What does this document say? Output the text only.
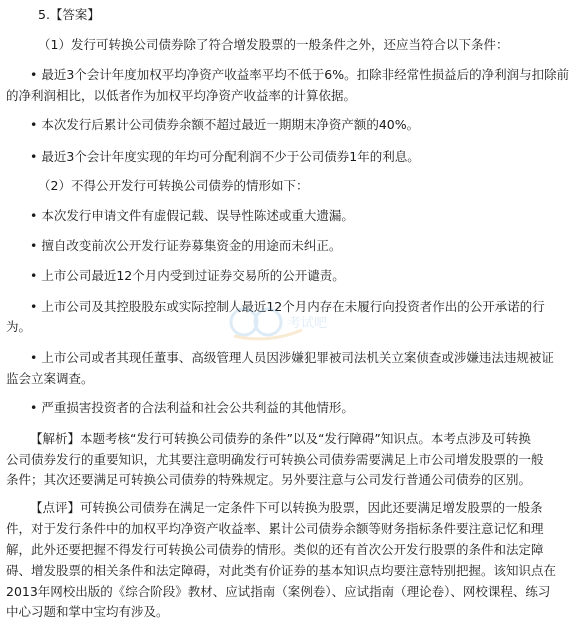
5.【答案】
（1）发行可转换公司债券除了符合增发股票的一般条件之外，还应当符合以下条件：
• 最近3个会计年度加权平均净资产收益率平均不低于6%。扣除非经常性损益后的净利润与扣除前
的净利润相比，以低者作为加权平均净资产收益率的计算依据。
• 本次发行后累计公司债券余额不超过最近一期期末净资产额的40%。
• 最近3个会计年度实现的年均可分配利润不少于公司债券1年的利息。
（2）不得公开发行可转换公司债券的情形如下：
• 本次发行申请文件有虚假记载、误导性陈述或重大遗漏。
• 擅自改变前次公开发行证券募集资金的用途而未纠正。
• 上市公司最近12个月内受到过证券交易所的公开谴责。
• 上市公司及其控股股东或实际控制人最近12个月内存在未履行向投资者作出的公开承诺的行
为。
• 上市公司或者其现任董事、高级管理人员因涉嫌犯罪被司法机关立案侦查或涉嫌违法违规被证
监会立案调查。
• 严重损害投资者的合法利益和社会公共利益的其他情形。
【解析】本题考核“发行可转换公司债券的条件”以及“发行障碍”知识点。本考点涉及可转换
公司债券发行的重要知识，尤其要注意明确发行可转换公司债券需要满足上市公司增发股票的一般
条件；其次还要满足可转换公司债券的特殊规定。另外要注意与公司发行普通公司债券的区别。
【点评】可转换公司债券在满足一定条件下可以转换为股票，因此还要满足增发股票的一般条
件，对于发行条件中的加权平均净资产收益率、累计公司债券余额等财务指标条件要注意记忆和理
解，此外还要把握不得发行可转换公司债券的情形。类似的还有首次公开发行股票的条件和法定障
碍、增发股票的相关条件和法定障碍，对此类有价证券的基本知识点均要注意特别把握。该知识点在
2013年网校出版的《综合阶段》教材、应试指南（案例卷）、应试指南（理论卷）、网校课程、练习
中心习题和掌中宝均有涉及。
考试吧
